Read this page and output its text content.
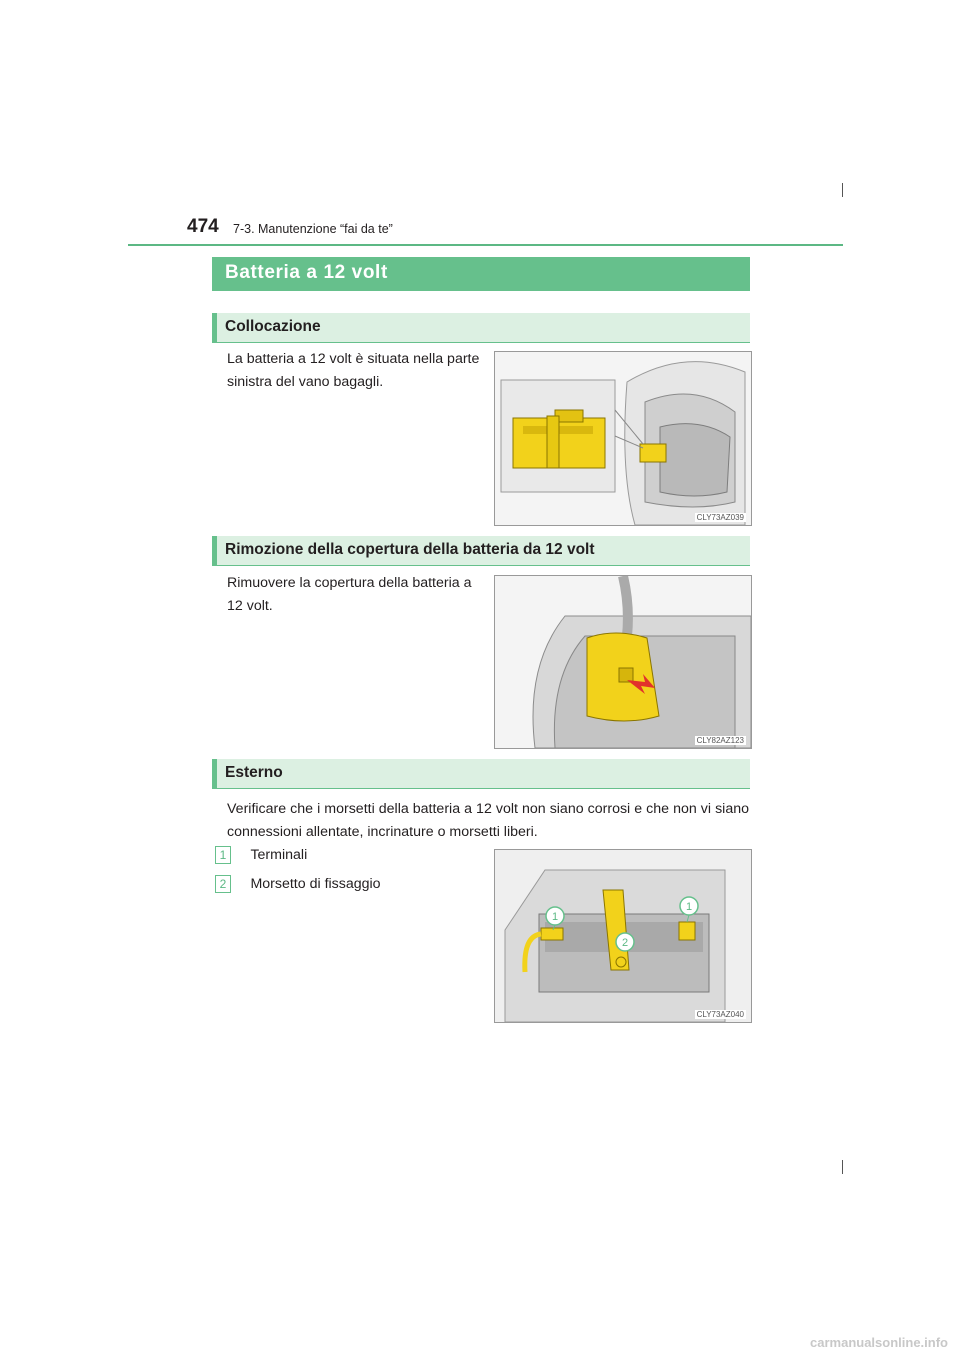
474 7-3. Manutenzione “fai da te”
Batteria a 12 volt
Collocazione
La batteria a 12 volt è situata nella parte sinistra del vano bagagli.
CLY73AZ039
Rimozione della copertura della batteria da 12 volt
Rimuovere la copertura della batteria a 12 volt.
CLY82AZ123
Esterno
Verificare che i morsetti della batteria a 12 volt non siano corrosi e che non vi siano connessioni allentate, incrinature o morsetti liberi.
1 Terminali
2 Morsetto di fissaggio
1
1
2
CLY73AZ040
carmanualsonline.info
